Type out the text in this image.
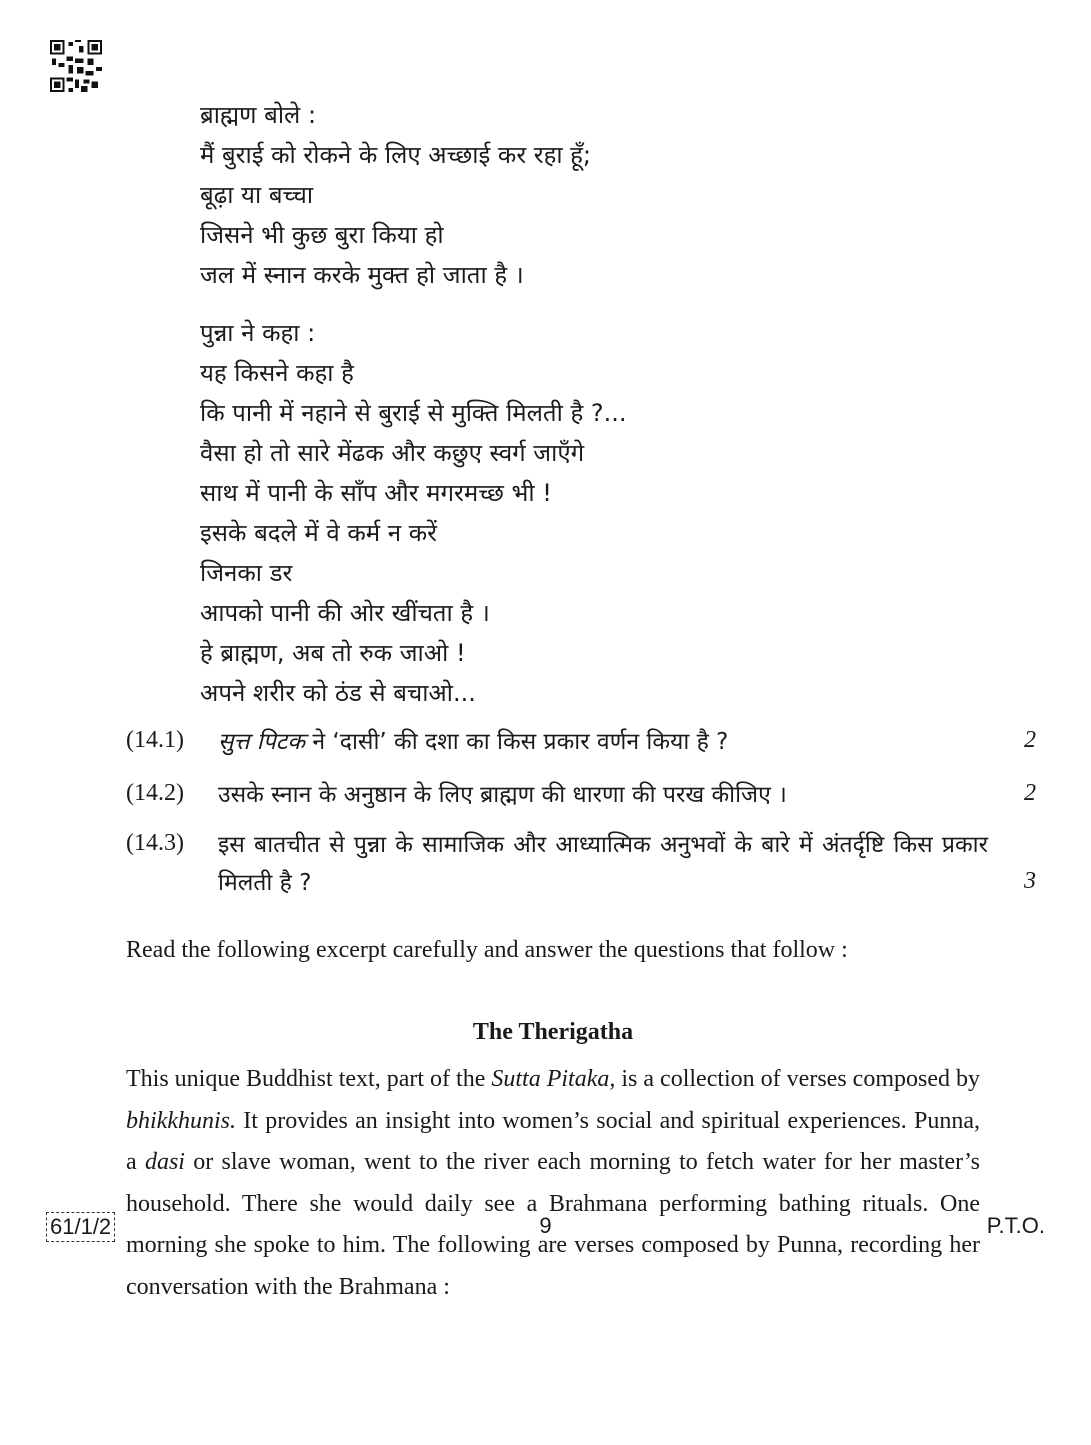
ब्राह्मण बोले :
मैं बुराई को रोकने के लिए अच्छाई कर रहा हूँ;
बूढ़ा या बच्चा
जिसने भी कुछ बुरा किया हो
जल में स्नान करके मुक्त हो जाता है ।
पुन्ना ने कहा :
यह किसने कहा है
कि पानी में नहाने से बुराई से मुक्ति मिलती है ?...
वैसा हो तो सारे मेंढक और कछुए स्वर्ग जाएँगे
साथ में पानी के साँप और मगरमच्छ भी !
इसके बदले में वे कर्म न करें
जिनका डर
आपको पानी की ओर खींचता है ।
हे ब्राह्मण, अब तो रुक जाओ !
अपने शरीर को ठंड से बचाओ...
(14.1) सुत्त पिटक ने ‘दासी’ की दशा का किस प्रकार वर्णन किया है ?	2
(14.2) उसके स्नान के अनुष्ठान के लिए ब्राह्मण की धारणा की परख कीजिए ।	2
(14.3) इस बातचीत से पुन्ना के सामाजिक और आध्यात्मिक अनुभवों के बारे में अंतर्दृष्टि किस प्रकार मिलती है ?	3
Read the following excerpt carefully and answer the questions that follow :
The Therigatha
This unique Buddhist text, part of the Sutta Pitaka, is a collection of verses composed by bhikkhunis. It provides an insight into women’s social and spiritual experiences. Punna, a dasi or slave woman, went to the river each morning to fetch water for her master’s household. There she would daily see a Brahmana performing bathing rituals. One morning she spoke to him. The following are verses composed by Punna, recording her conversation with the Brahmana :
61/1/2	9	P.T.O.
